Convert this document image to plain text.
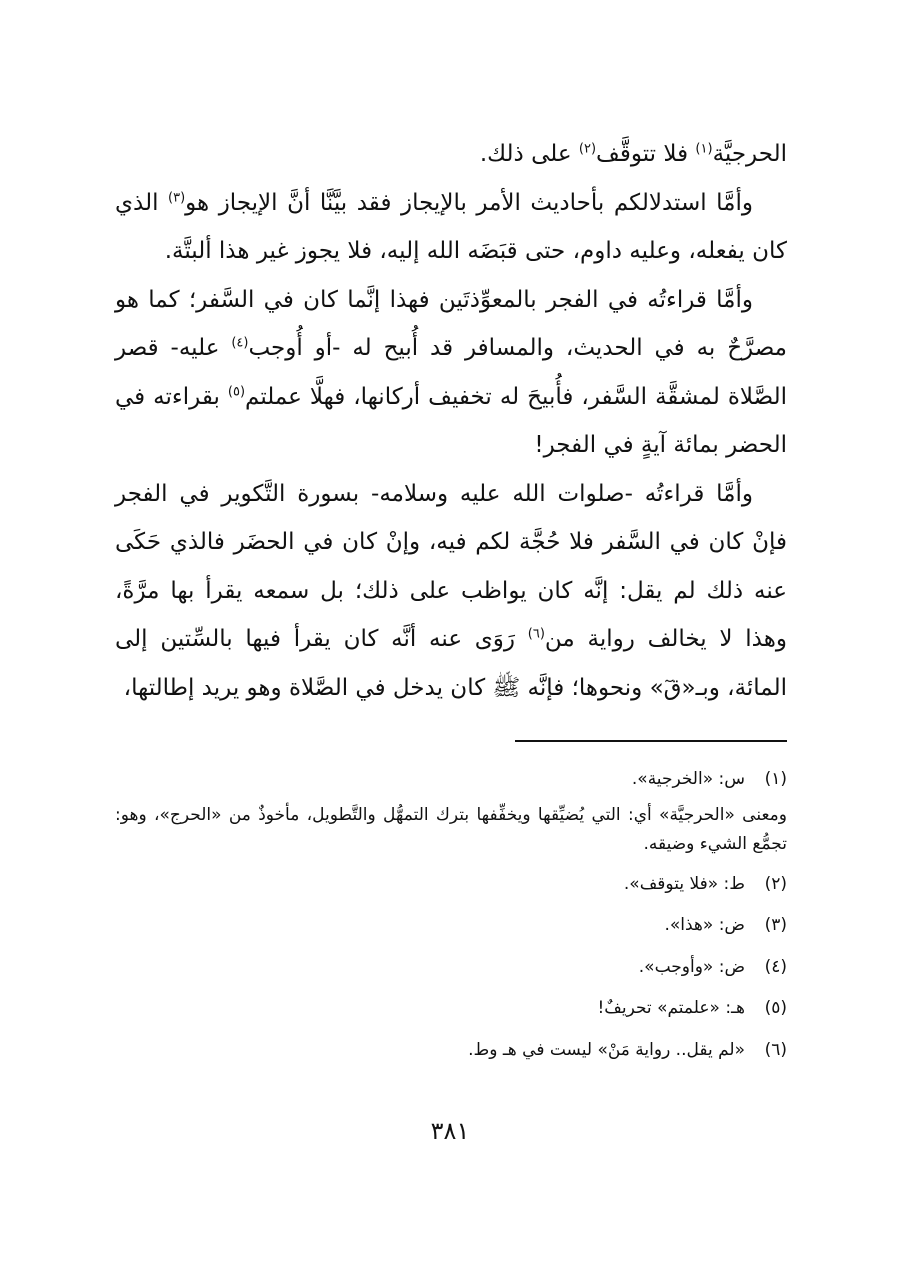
الحرجيَّة$^{(١)}$ فلا تتوقَّف$^{(٢)}$ على ذلك.

وأمَّا استدلالكم بأحاديث الأمر بالإيجاز فقد بيَّنَّا أنَّ الإيجاز هو$^{(٣)}$ الذي كان يفعله، وعليه داوم، حتى قبَضَه الله إليه، فلا يجوز غير هذا ألبتَّة.

وأمَّا قراءتُه في الفجر بالمعوِّذتَين فهذا إنَّما كان في السَّفر؛ كما هو مصرَّحٌ به في الحديث، والمسافر قد أُبيح له -أو أُوجب$^{(٤)}$ عليه- قصر الصَّلاة لمشقَّة السَّفر، فأُبيحَ له تخفيف أركانها، فهلَّا عملتم$^{(٥)}$ بقراءته في الحضر بمائة آيةٍ في الفجر!

وأمَّا قراءتُه -صلوات الله عليه وسلامه- بسورة التَّكوير في الفجر فإنْ كان في السَّفر فلا حُجَّة لكم فيه، وإنْ كان في الحضَر فالذي حَكَى عنه ذلك لم يقل: إنَّه كان يواظب على ذلك؛ بل سمعه يقرأ بها مرَّةً، وهذا لا يخالف رواية من$^{(٦)}$ رَوَى عنه أنَّه كان يقرأ فيها بالسِّتين إلى المائة، وبـ«قٓ» ونحوها؛ فإنَّه ﷺ كان يدخل في الصَّلاة وهو يريد إطالتها،

(١)
س: «الخرجية».
ومعنى «الحرجيَّة» أي: التي يُضيِّقها ويخفِّفها بترك التمهُّل والتَّطويل، مأخوذٌ من «الحرج»، وهو: تجمُّع الشيء وضيقه.
(٢)
ط: «فلا يتوقف».
(٣)
ض: «هذا».
(٤)
ض: «وأوجب».
(٥)
هـ: «علمتم» تحريفٌ!
(٦)
«لم يقل.. رواية مَنْ» ليست في هـ وط.
٣٨١
